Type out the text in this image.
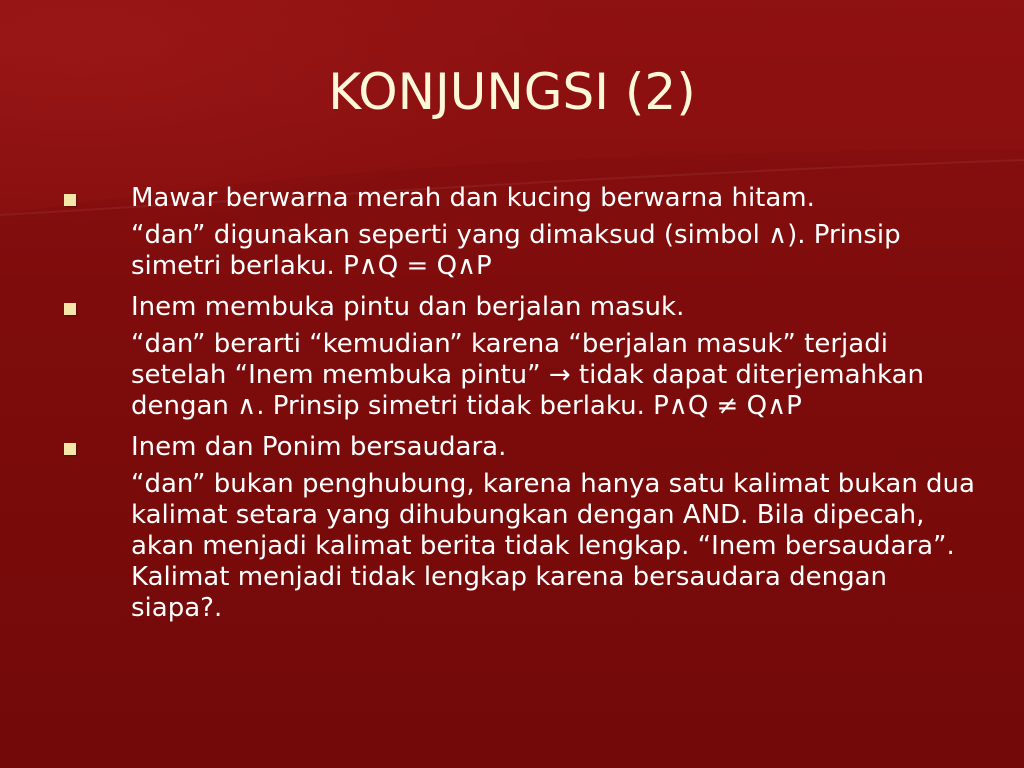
KONJUNGSI (2)
Mawar berwarna merah dan kucing berwarna hitam.
“dan” digunakan seperti yang dimaksud (simbol ∧). Prinsip simetri berlaku. P∧Q = Q∧P
Inem membuka pintu dan berjalan masuk.
“dan” berarti “kemudian” karena “berjalan masuk” terjadi setelah “Inem membuka pintu” → tidak dapat diterjemahkan dengan ∧. Prinsip simetri tidak berlaku. P∧Q ≠ Q∧P
Inem dan Ponim bersaudara.
“dan” bukan penghubung, karena hanya satu kalimat bukan dua kalimat setara yang dihubungkan dengan AND. Bila dipecah, akan menjadi kalimat berita tidak lengkap. “Inem bersaudara”. Kalimat menjadi tidak lengkap karena bersaudara dengan siapa?.
